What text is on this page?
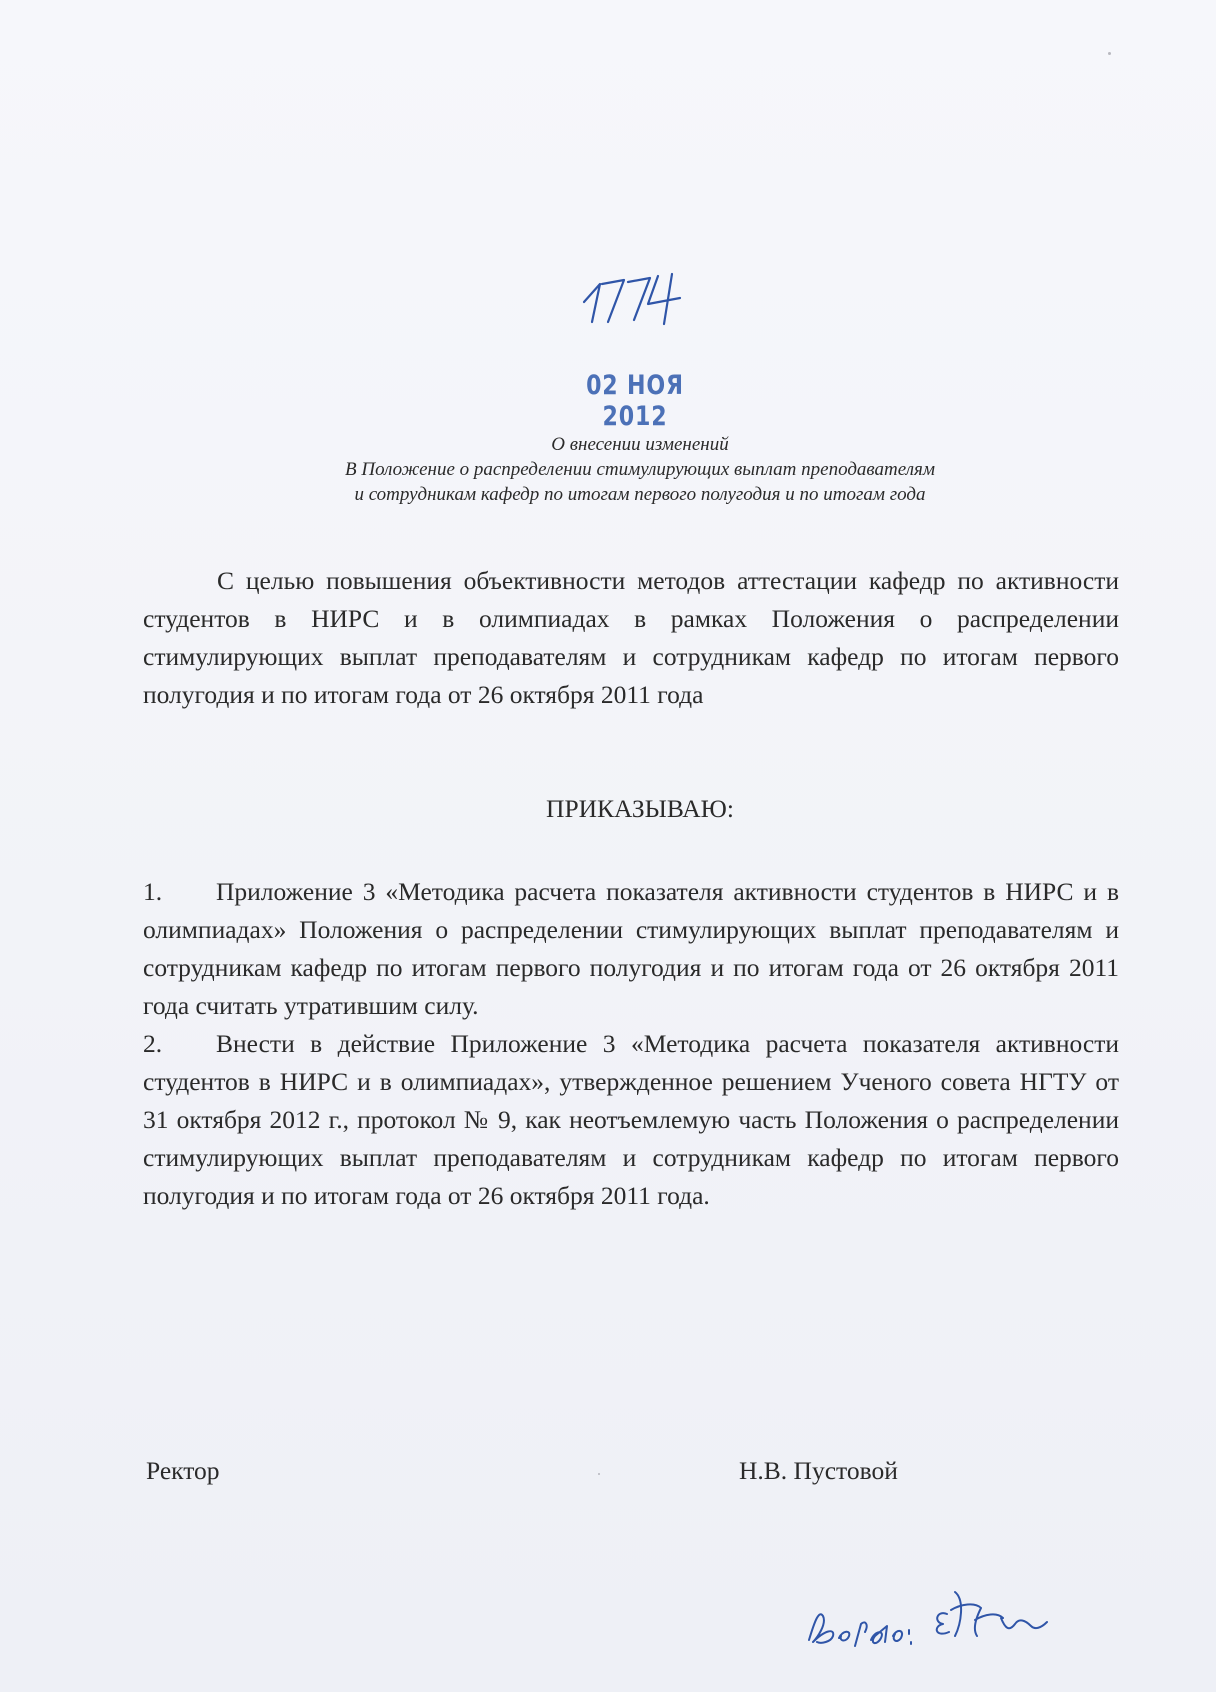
02 НОЯ 2012
О внесении изменений
В Положение о распределении стимулирующих выплат преподавателям
и сотрудникам кафедр по итогам первого полугодия и по итогам года

С целью повышения объективности методов аттестации кафедр по активности студентов в НИРС и в олимпиадах в рамках Положения о распределении стимулирующих выплат преподавателям и сотрудникам кафедр по итогам первого полугодия и по итогам года от 26 октября 2011 года

ПРИКАЗЫВАЮ:
1. Приложение 3 «Методика расчета показателя активности студентов в НИРС и в олимпиадах» Положения о распределении стимулирующих выплат преподавателям и сотрудникам кафедр по итогам первого полугодия и по итогам года от 26 октября 2011 года считать утратившим силу.
2. Внести в действие Приложение 3 «Методика расчета показателя активности студентов в НИРС и в олимпиадах», утвержденное решением Ученого совета НГТУ от 31 октября 2012 г., протокол № 9, как неотъемлемую часть Положения о распределении стимулирующих выплат преподавателям и сотрудникам кафедр по итогам первого полугодия и по итогам года от 26 октября 2011 года.
Ректор	Н.В. Пустовой
